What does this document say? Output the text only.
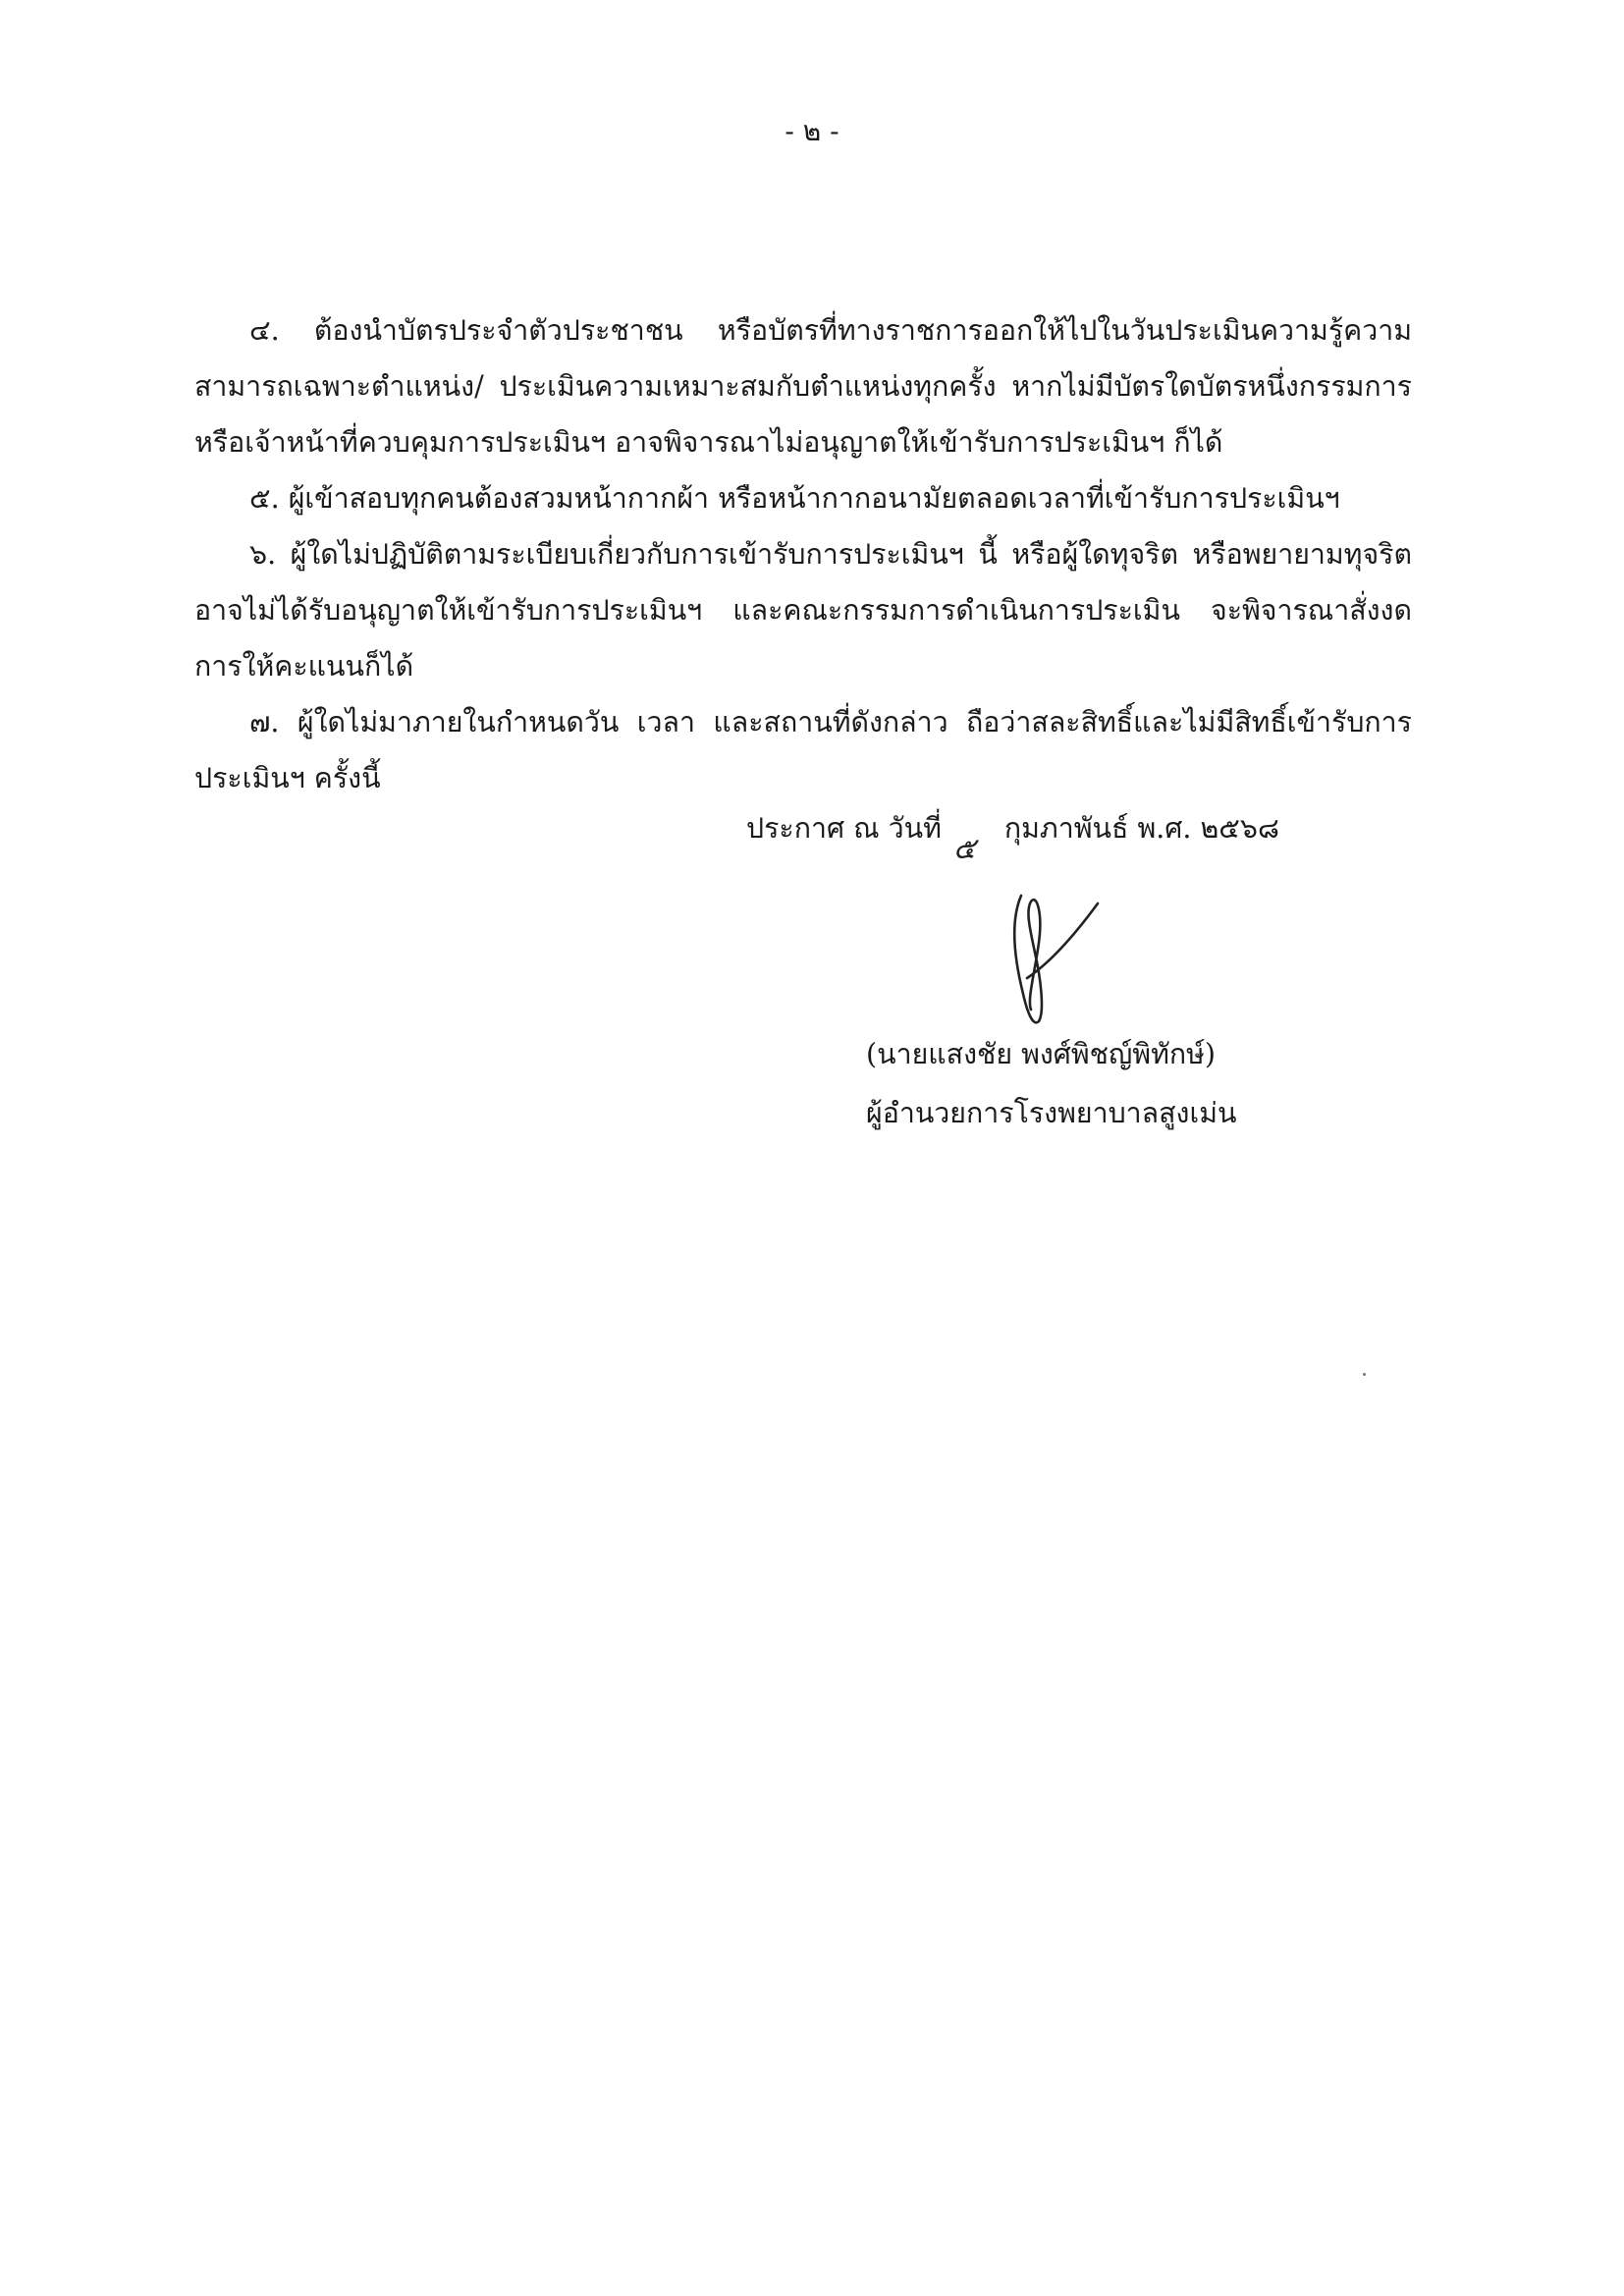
- ๒ -

๔. ต้องนำบัตรประจำตัวประชาชน หรือบัตรที่ทางราชการออกให้ไปในวันประเมินความรู้ความสามารถเฉพาะตำแหน่ง/ ประเมินความเหมาะสมกับตำแหน่งทุกครั้ง หากไม่มีบัตรใดบัตรหนึ่งกรรมการหรือเจ้าหน้าที่ควบคุมการประเมินฯ อาจพิจารณาไม่อนุญาตให้เข้ารับการประเมินฯ ก็ได้

๕. ผู้เข้าสอบทุกคนต้องสวมหน้ากากผ้า หรือหน้ากากอนามัยตลอดเวลาที่เข้ารับการประเมินฯ

๖. ผู้ใดไม่ปฏิบัติตามระเบียบเกี่ยวกับการเข้ารับการประเมินฯ นี้ หรือผู้ใดทุจริต หรือพยายามทุจริตอาจไม่ได้รับอนุญาตให้เข้ารับการประเมินฯ และคณะกรรมการดำเนินการประเมิน จะพิจารณาสั่งงดการให้คะแนนก็ได้

๗. ผู้ใดไม่มาภายในกำหนดวัน เวลา และสถานที่ดังกล่าว ถือว่าสละสิทธิ์และไม่มีสิทธิ์เข้ารับการประเมินฯ ครั้งนี้

ประกาศ ณ วันที่
๕
กุมภาพันธ์ พ.ศ. ๒๕๖๘
(นายแสงชัย พงศ์พิชญ์พิทักษ์)
ผู้อำนวยการโรงพยาบาลสูงเม่น
